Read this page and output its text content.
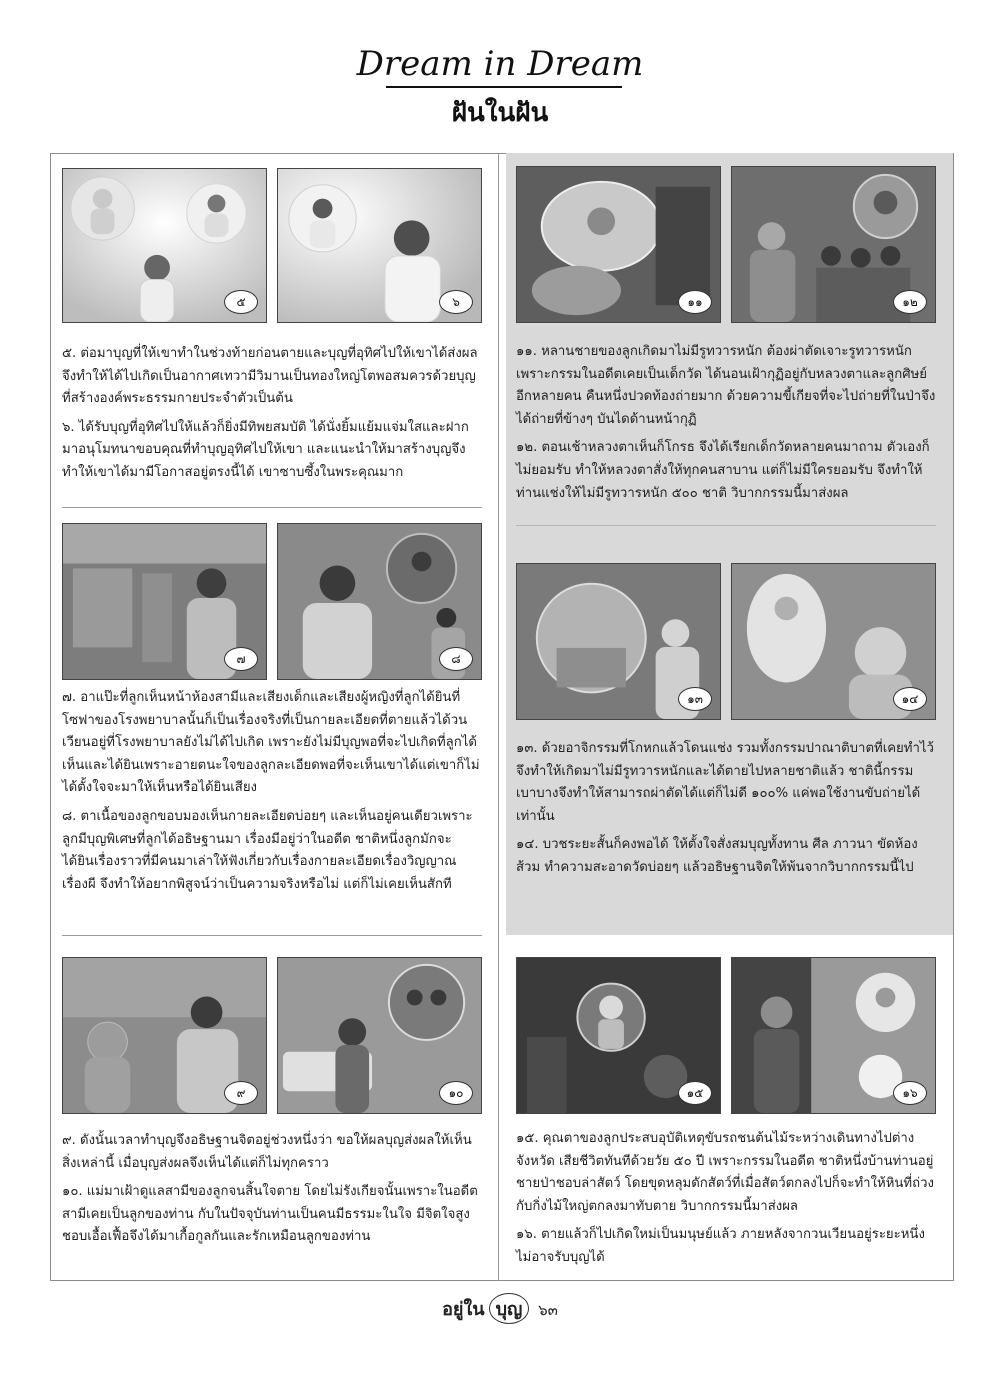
Dream in Dream
ฝันในฝัน
๕	๖
๗	๘
๙	๑๐
๑๑	๑๒
๑๓	๑๔
๑๕	๑๖

๕. ต่อมาบุญที่ให้เขาทำในช่วงท้ายก่อนตายและบุญที่อุทิศไปให้เขาได้ส่งผลจึงทำให้ได้ไปเกิดเป็นอากาศเทวามีวิมานเป็นทองใหญ่โตพอสมควรด้วยบุญที่สร้างองค์พระธรรมกายประจำตัวเป็นต้น

๖. ได้รับบุญที่อุทิศไปให้แล้วก็ยิ่งมีทิพยสมบัติ ได้นั่งยิ้มแย้มแจ่มใสและฝากมาอนุโมทนาขอบคุณที่ทำบุญอุทิศไปให้เขา และแนะนำให้มาสร้างบุญจึงทำให้เขาได้มามีโอกาสอยู่ตรงนี้ได้ เขาซาบซึ้งในพระคุณมาก

๗. อาแป๊ะที่ลูกเห็นหน้าห้องสามีและเสียงเด็กและเสียงผู้หญิงที่ลูกได้ยินที่โซฟาของโรงพยาบาลนั้นก็เป็นเรื่องจริงที่เป็นกายละเอียดที่ตายแล้วได้วนเวียนอยู่ที่โรงพยาบาลยังไม่ได้ไปเกิด เพราะยังไม่มีบุญพอที่จะไปเกิดที่ลูกได้เห็นและได้ยินเพราะอายตนะใจของลูกละเอียดพอที่จะเห็นเขาได้แต่เขาก็ไม่ได้ตั้งใจจะมาให้เห็นหรือได้ยินเสียง

๘. ตาเนื้อของลูกขอบมองเห็นกายละเอียดบ่อยๆ และเห็นอยู่คนเดียวเพราะลูกมีบุญพิเศษที่ลูกได้อธิษฐานมา เรื่องมีอยู่ว่าในอดีต ชาติหนึ่งลูกมักจะได้ยินเรื่องราวที่มีคนมาเล่าให้ฟังเกี่ยวกับเรื่องกายละเอียดเรื่องวิญญาณเรื่องผี จึงทำให้อยากพิสูจน์ว่าเป็นความจริงหรือไม่ แต่ก็ไม่เคยเห็นสักที

๙. ดังนั้นเวลาทำบุญจึงอธิษฐานจิตอยู่ช่วงหนึ่งว่า ขอให้ผลบุญส่งผลให้เห็นสิ่งเหล่านี้ เมื่อบุญส่งผลจึงเห็นได้แต่ก็ไม่ทุกคราว

๑๐. แม่มาเฝ้าดูแลสามีของลูกจนสิ้นใจตาย โดยไม่รังเกียจนั้นเพราะในอดีตสามีเคยเป็นลูกของท่าน กับในปัจจุบันท่านเป็นคนมีธรรมะในใจ มีจิตใจสูงชอบเอื้อเฟื้อจึงได้มาเกื้อกูลกันและรักเหมือนลูกของท่าน

๑๑. หลานชายของลูกเกิดมาไม่มีรูทวารหนัก ต้องผ่าตัดเจาะรูทวารหนักเพราะกรรมในอดีตเคยเป็นเด็กวัด ได้นอนเฝ้ากุฏิอยู่กับหลวงตาและลูกศิษย์อีกหลายคน คืนหนึ่งปวดท้องถ่ายมาก ด้วยความขี้เกียจที่จะไปถ่ายที่ในป่าจึงได้ถ่ายที่ข้างๆ บันไดด้านหน้ากุฏิ

๑๒. ตอนเช้าหลวงตาเห็นก็โกรธ จึงได้เรียกเด็กวัดหลายคนมาถาม ตัวเองก็ไม่ยอมรับ ทำให้หลวงตาสั่งให้ทุกคนสาบาน แต่ก็ไม่มีใครยอมรับ จึงทำให้ท่านแช่งให้ไม่มีรูทวารหนัก ๕๐๐ ชาติ วิบากกรรมนี้มาส่งผล

๑๓. ด้วยอาจิกรรมที่โกหกแล้วโดนแช่ง รวมทั้งกรรมปาณาติบาตที่เคยทำไว้จึงทำให้เกิดมาไม่มีรูทวารหนักและได้ตายไปหลายชาติแล้ว ชาตินี้กรรมเบาบางจึงทำให้สามารถผ่าตัดได้แต่ก็ไม่ดี ๑๐๐% แค่พอใช้งานขับถ่ายได้เท่านั้น

๑๔. บวชระยะสั้นก็คงพอได้ ให้ตั้งใจสั่งสมบุญทั้งทาน ศีล ภาวนา ขัดห้องส้วม ทำความสะอาดวัดบ่อยๆ แล้วอธิษฐานจิตให้พ้นจากวิบากกรรมนี้ไป

๑๕. คุณตาของลูกประสบอุบัติเหตุขับรถชนต้นไม้ระหว่างเดินทางไปต่างจังหวัด เสียชีวิตทันทีด้วยวัย ๕๐ ปี เพราะกรรมในอดีต ชาติหนึ่งบ้านท่านอยู่ชายป่าชอบล่าสัตว์ โดยขุดหลุมดักสัตว์ที่เมื่อสัตว์ตกลงไปก็จะทำให้หินที่ถ่วงกับกิ่งไม้ใหญ่ตกลงมาทับตาย วิบากกรรมนี้มาส่งผล

๑๖. ตายแล้วก็ไปเกิดใหม่เป็นมนุษย์แล้ว ภายหลังจากวนเวียนอยู่ระยะหนึ่งไม่อาจรับบุญได้

อยู่ใน บุญ ๖๓
